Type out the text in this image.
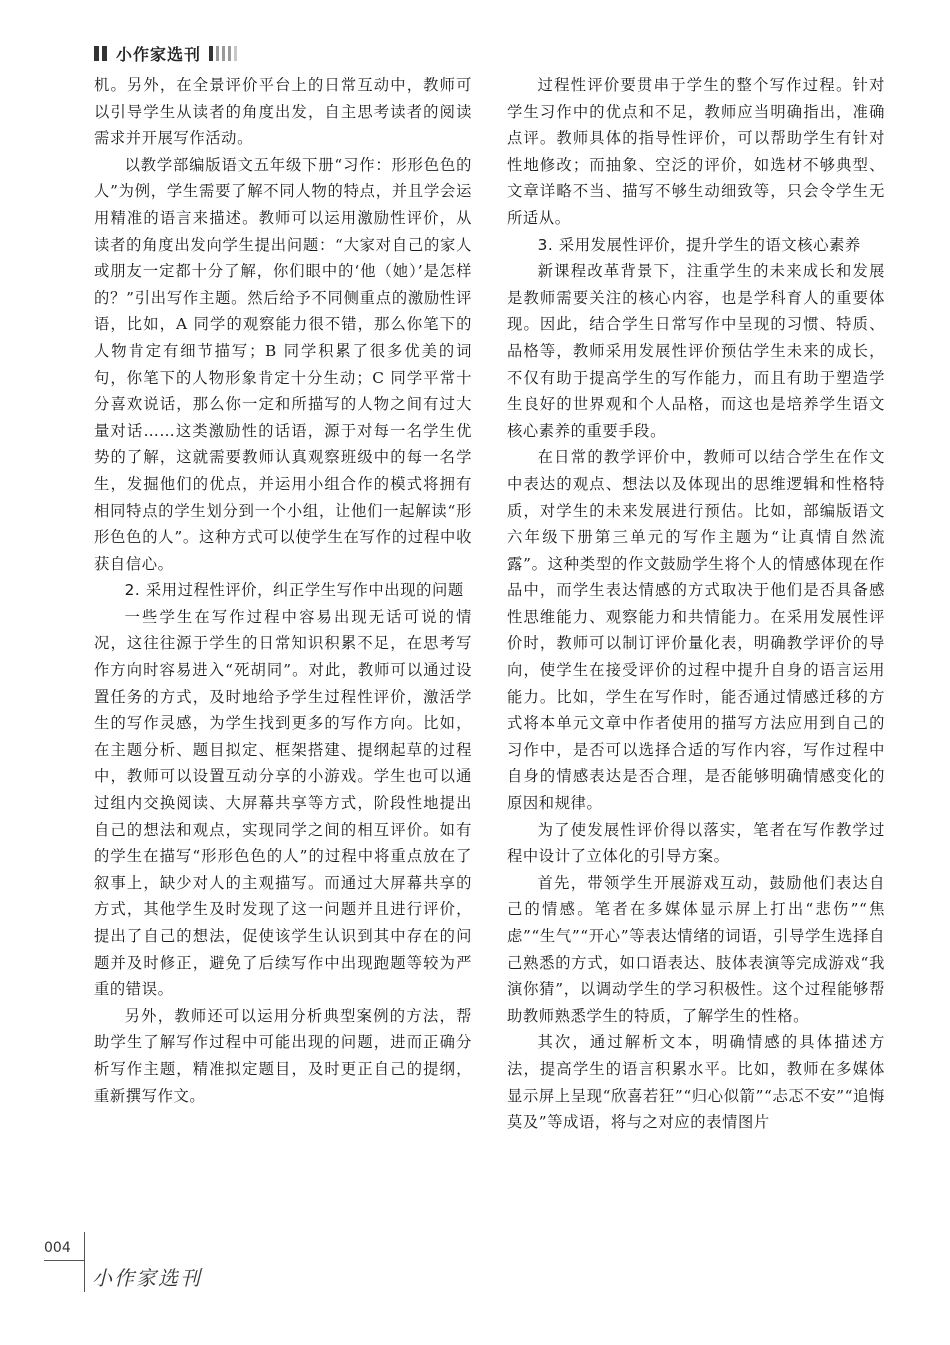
小作家选刊

机。另外，在全景评价平台上的日常互动中，教师可以引导学生从读者的角度出发，自主思考读者的阅读需求并开展写作活动。

以教学部编版语文五年级下册“习作：形形色色的人”为例，学生需要了解不同人物的特点，并且学会运用精准的语言来描述。教师可以运用激励性评价，从读者的角度出发向学生提出问题：“大家对自己的家人或朋友一定都十分了解，你们眼中的‘他（她）’是怎样的？”引出写作主题。然后给予不同侧重点的激励性评语，比如，A 同学的观察能力很不错，那么你笔下的人物肯定有细节描写；B 同学积累了很多优美的词句，你笔下的人物形象肯定十分生动；C 同学平常十分喜欢说话，那么你一定和所描写的人物之间有过大量对话……这类激励性的话语，源于对每一名学生优势的了解，这就需要教师认真观察班级中的每一名学生，发掘他们的优点，并运用小组合作的模式将拥有相同特点的学生划分到一个小组，让他们一起解读“形形色色的人”。这种方式可以使学生在写作的过程中收获自信心。

2. 采用过程性评价，纠正学生写作中出现的问题

一些学生在写作过程中容易出现无话可说的情况，这往往源于学生的日常知识积累不足，在思考写作方向时容易进入“死胡同”。对此，教师可以通过设置任务的方式，及时地给予学生过程性评价，激活学生的写作灵感，为学生找到更多的写作方向。比如，在主题分析、题目拟定、框架搭建、提纲起草的过程中，教师可以设置互动分享的小游戏。学生也可以通过组内交换阅读、大屏幕共享等方式，阶段性地提出自己的想法和观点，实现同学之间的相互评价。如有的学生在描写“形形色色的人”的过程中将重点放在了叙事上，缺少对人的主观描写。而通过大屏幕共享的方式，其他学生及时发现了这一问题并且进行评价，提出了自己的想法，促使该学生认识到其中存在的问题并及时修正，避免了后续写作中出现跑题等较为严重的错误。

另外，教师还可以运用分析典型案例的方法，帮助学生了解写作过程中可能出现的问题，进而正确分析写作主题，精准拟定题目，及时更正自己的提纲，重新撰写作文。

过程性评价要贯串于学生的整个写作过程。针对学生习作中的优点和不足，教师应当明确指出，准确点评。教师具体的指导性评价，可以帮助学生有针对性地修改；而抽象、空泛的评价，如选材不够典型、文章详略不当、描写不够生动细致等，只会令学生无所适从。

3. 采用发展性评价，提升学生的语文核心素养

新课程改革背景下，注重学生的未来成长和发展是教师需要关注的核心内容，也是学科育人的重要体现。因此，结合学生日常写作中呈现的习惯、特质、品格等，教师采用发展性评价预估学生未来的成长，不仅有助于提高学生的写作能力，而且有助于塑造学生良好的世界观和个人品格，而这也是培养学生语文核心素养的重要手段。

在日常的教学评价中，教师可以结合学生在作文中表达的观点、想法以及体现出的思维逻辑和性格特质，对学生的未来发展进行预估。比如，部编版语文六年级下册第三单元的写作主题为“让真情自然流露”。这种类型的作文鼓励学生将个人的情感体现在作品中，而学生表达情感的方式取决于他们是否具备感性思维能力、观察能力和共情能力。在采用发展性评价时，教师可以制订评价量化表，明确教学评价的导向，使学生在接受评价的过程中提升自身的语言运用能力。比如，学生在写作时，能否通过情感迁移的方式将本单元文章中作者使用的描写方法应用到自己的习作中，是否可以选择合适的写作内容，写作过程中自身的情感表达是否合理，是否能够明确情感变化的原因和规律。

为了使发展性评价得以落实，笔者在写作教学过程中设计了立体化的引导方案。

首先，带领学生开展游戏互动，鼓励他们表达自己的情感。笔者在多媒体显示屏上打出“悲伤”“焦虑”“生气”“开心”等表达情绪的词语，引导学生选择自己熟悉的方式，如口语表达、肢体表演等完成游戏“我演你猜”，以调动学生的学习积极性。这个过程能够帮助教师熟悉学生的特质，了解学生的性格。

其次，通过解析文本，明确情感的具体描述方法，提高学生的语言积累水平。比如，教师在多媒体显示屏上呈现“欣喜若狂”“归心似箭”“忐忑不安”“追悔莫及”等成语，将与之对应的表情图片

004
小作家选刊
